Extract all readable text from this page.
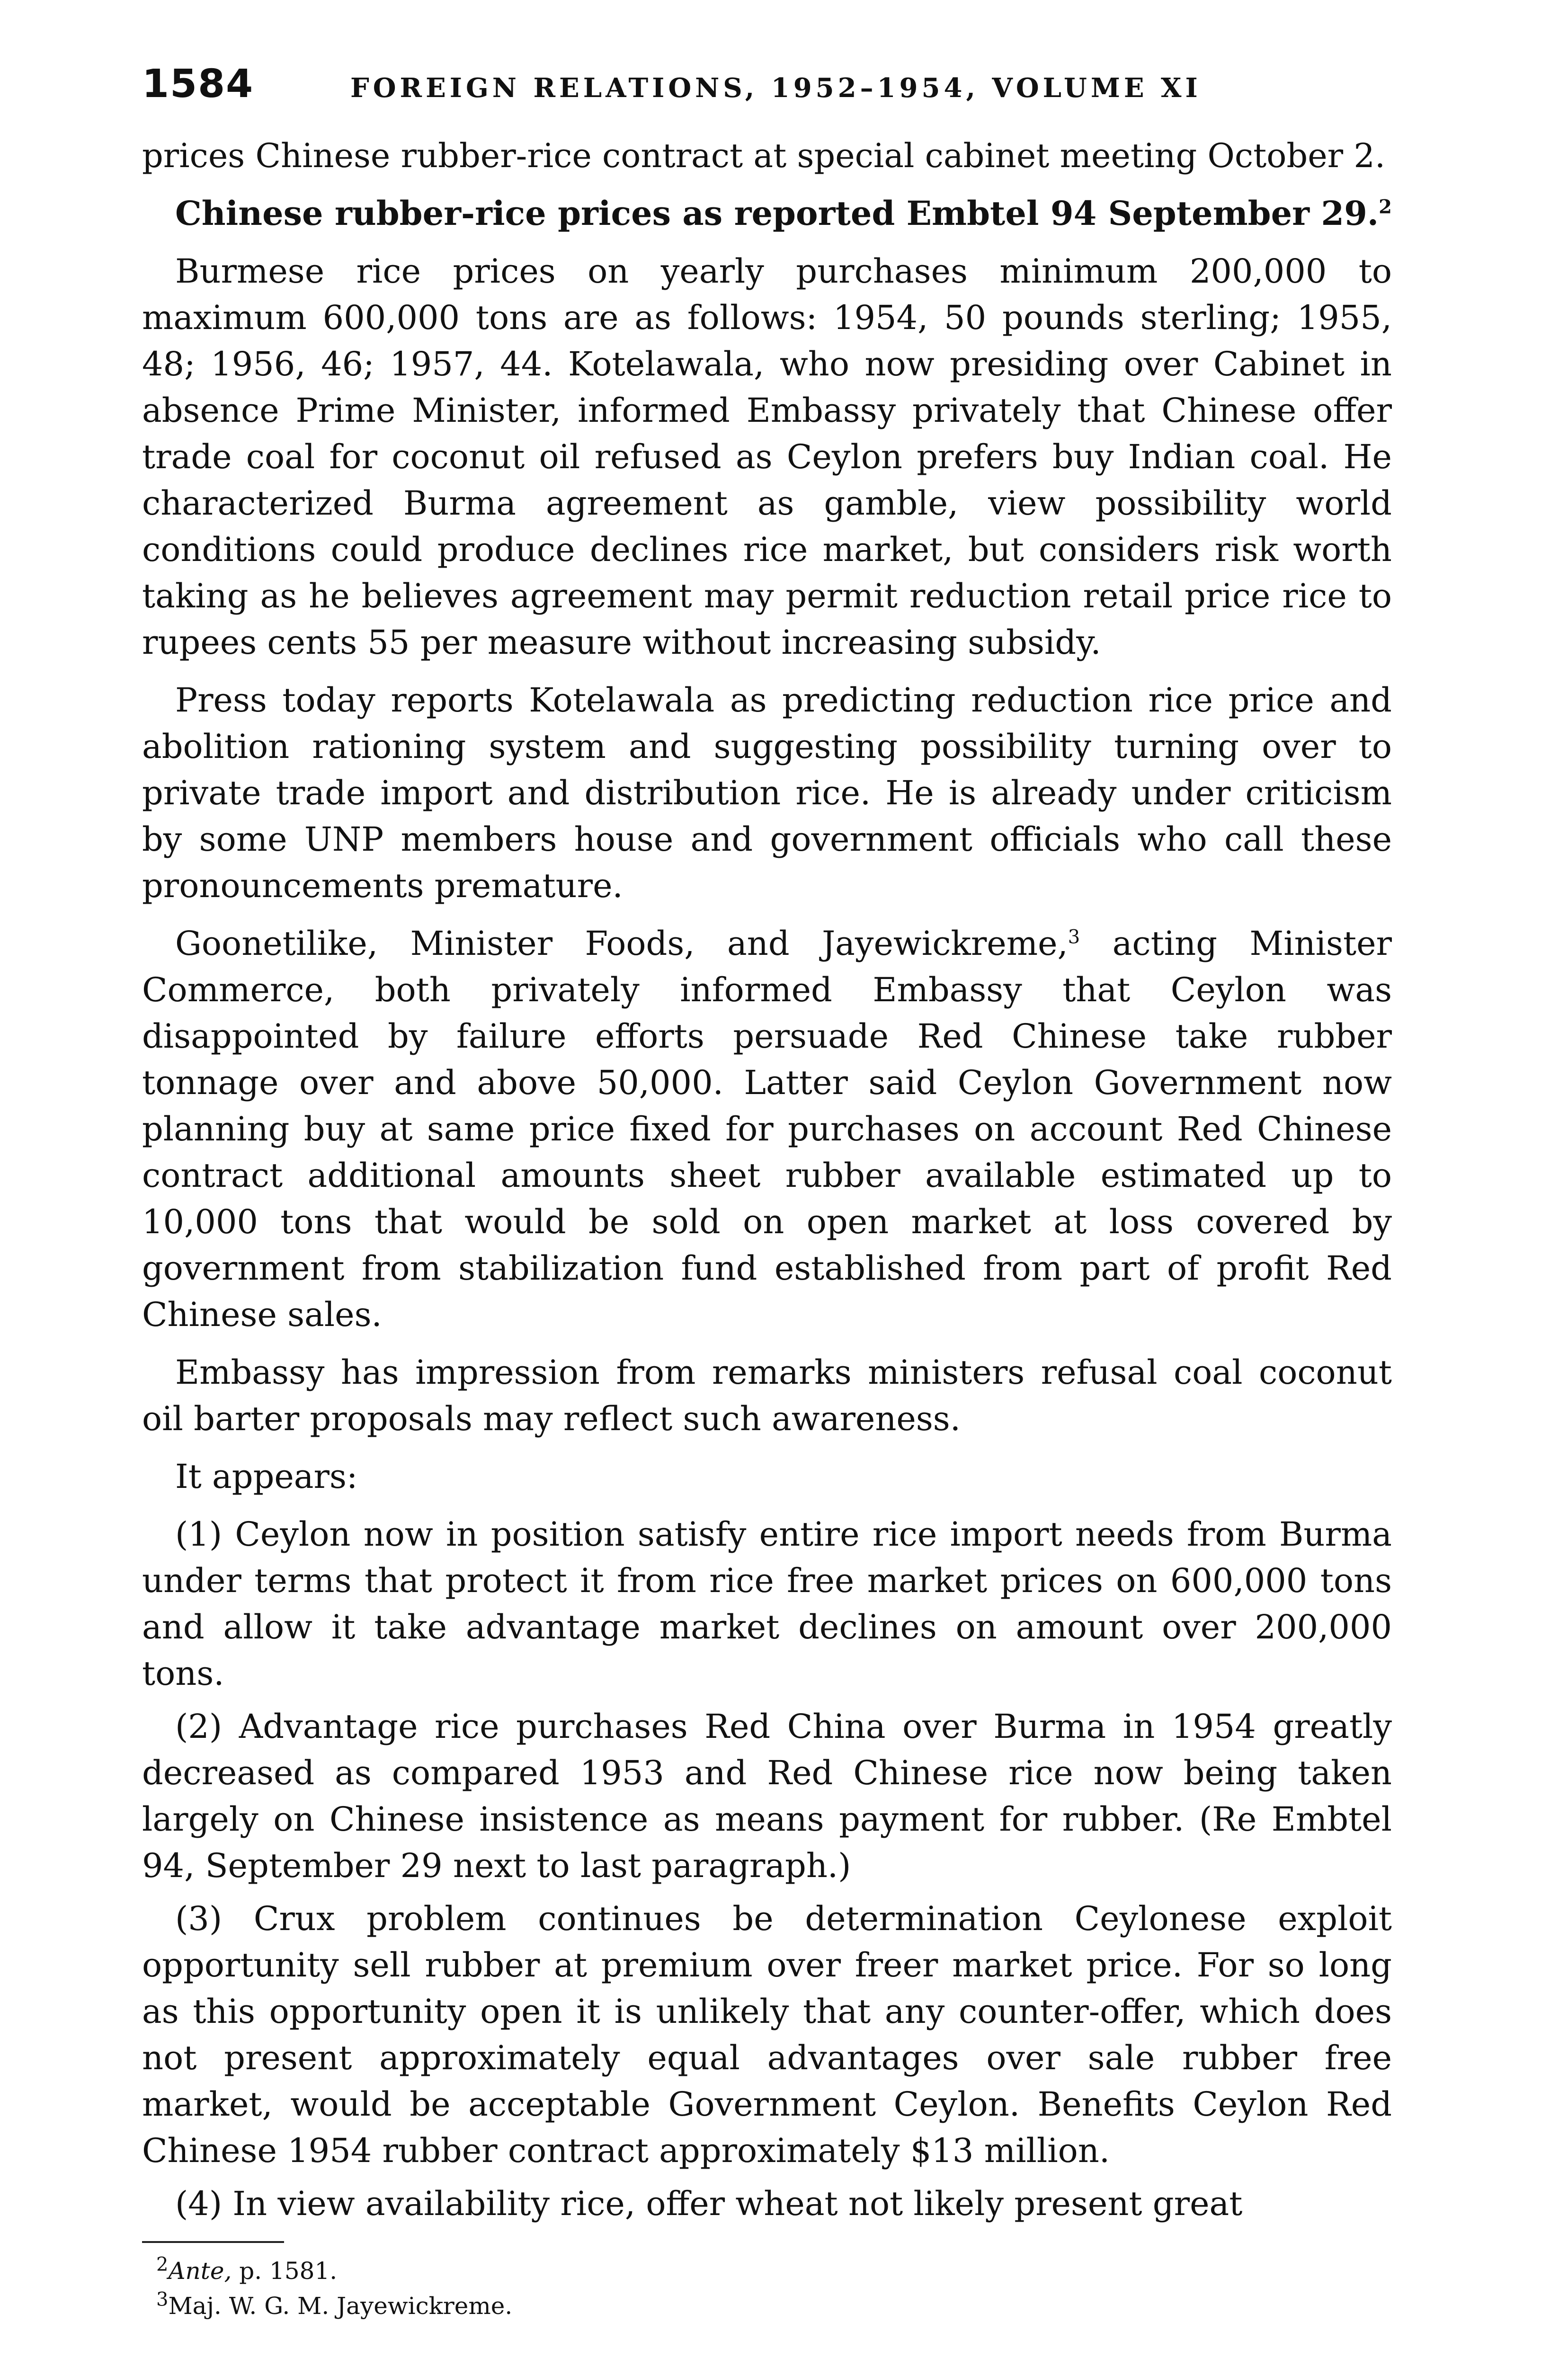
1584	FOREIGN RELATIONS, 1952–1954, VOLUME XI

prices Chinese rubber-rice contract at special cabinet meeting October 2.

Chinese rubber-rice prices as reported Embtel 94 September 29.$^2$

Burmese rice prices on yearly purchases minimum 200,000 to maximum 600,000 tons are as follows: 1954, 50 pounds sterling; 1955, 48; 1956, 46; 1957, 44. Kotelawala, who now presiding over Cabinet in absence Prime Minister, informed Embassy privately that Chinese offer trade coal for coconut oil refused as Ceylon prefers buy Indian coal. He characterized Burma agreement as gamble, view possibility world conditions could produce declines rice market, but considers risk worth taking as he believes agreement may permit reduction retail price rice to rupees cents 55 per measure without increasing subsidy.

Press today reports Kotelawala as predicting reduction rice price and abolition rationing system and suggesting possibility turning over to private trade import and distribution rice. He is already under criticism by some UNP members house and government officials who call these pronouncements premature.

Goonetilike, Minister Foods, and Jayewickreme,$^3$ acting Minister Commerce, both privately informed Embassy that Ceylon was disappointed by failure efforts persuade Red Chinese take rubber tonnage over and above 50,000. Latter said Ceylon Government now planning buy at same price fixed for purchases on account Red Chinese contract additional amounts sheet rubber available estimated up to 10,000 tons that would be sold on open market at loss covered by government from stabilization fund established from part of profit Red Chinese sales.

Embassy has impression from remarks ministers refusal coal coconut oil barter proposals may reflect such awareness.

It appears:

(1) Ceylon now in position satisfy entire rice import needs from Burma under terms that protect it from rice free market prices on 600,000 tons and allow it take advantage market declines on amount over 200,000 tons.

(2) Advantage rice purchases Red China over Burma in 1954 greatly decreased as compared 1953 and Red Chinese rice now being taken largely on Chinese insistence as means payment for rubber. (Re Embtel 94, September 29 next to last paragraph.)

(3) Crux problem continues be determination Ceylonese exploit opportunity sell rubber at premium over freer market price. For so long as this opportunity open it is unlikely that any counter-offer, which does not present approximately equal advantages over sale rubber free market, would be acceptable Government Ceylon. Benefits Ceylon Red Chinese 1954 rubber contract approximately $13 million.

(4) In view availability rice, offer wheat not likely present great

$^2$Ante, p. 1581.
$^3$Maj. W. G. M. Jayewickreme.
